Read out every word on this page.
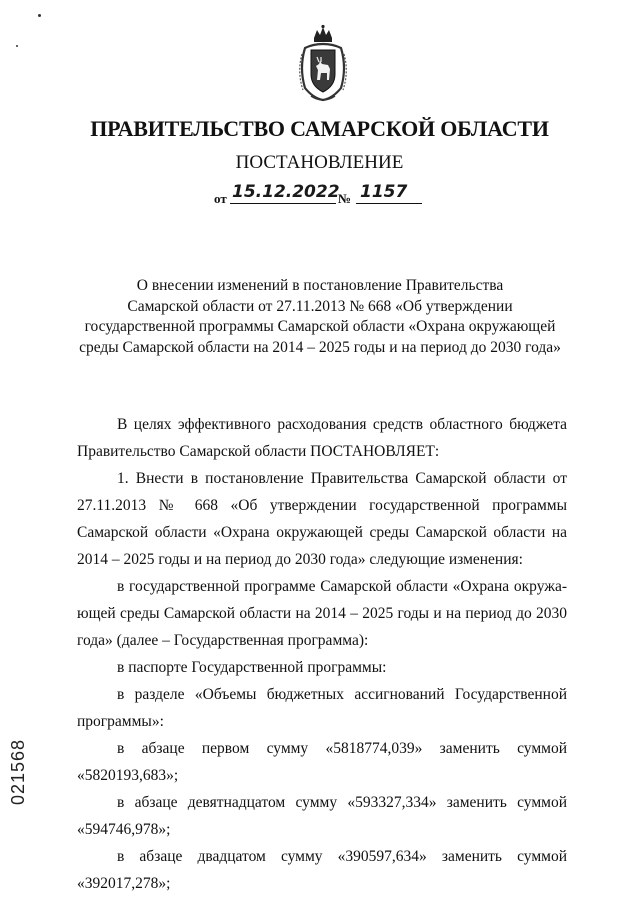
ПРАВИТЕЛЬСТВО САМАРСКОЙ ОБЛАСТИ
ПОСТАНОВЛЕНИЕ
от 15.12.2022
№ 1157
О внесении изменений в постановление Правительства
Самарской области от 27.11.2013 № 668 «Об утверждении
государственной программы Самарской области «Охрана окружающей
среды Самарской области на 2014 – 2025 годы и на период до 2030 года»

В целях эффективного расходования средств областного бюджета Правительство Самарской области ПОСТАНОВЛЯЕТ:

1. Внести в постановление Правительства Самарской области от 27.11.2013 № 668 «Об утверждении государственной программы Самарской области «Охрана окружающей среды Самарской области на 2014 – 2025 годы и на период до 2030 года» следующие изменения:

в государственной программе Самарской области «Охрана окружа-ющей среды Самарской области на 2014 – 2025 годы и на период до 2030 года» (далее – Государственная программа):

в паспорте Государственной программы:

в разделе «Объемы бюджетных ассигнований Государственной программы»:

в абзаце первом сумму «5818774,039» заменить суммой «5820193,683»;

в абзаце девятнадцатом сумму «593327,334» заменить суммой «594746,978»;

в абзаце двадцатом сумму «390597,634» заменить суммой «392017,278»;

021568
